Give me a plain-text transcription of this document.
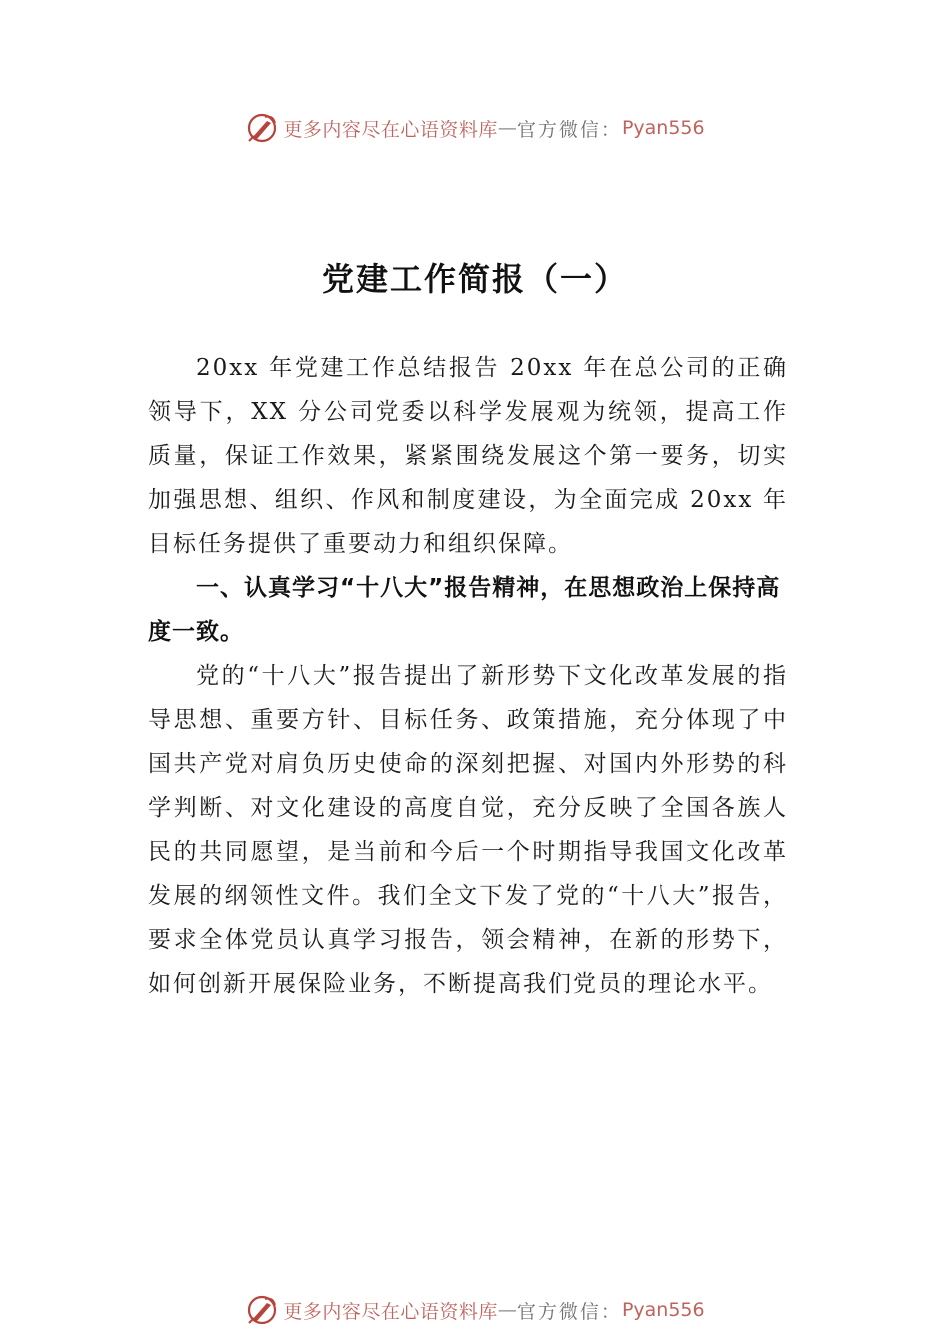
更多内容尽在心语资料库 — 官方微信： Pyan556
党建工作简报（一）

20xx 年党建工作总结报告 20xx 年在总公司的正确领导下，XX 分公司党委以科学发展观为统领，提高工作质量，保证工作效果，紧紧围绕发展这个第一要务，切实加强思想、组织、作风和制度建设，为全面完成 20xx 年目标任务提供了重要动力和组织保障。

一、认真学习“十八大”报告精神，在思想政治上保持高度一致。

党的“十八大”报告提出了新形势下文化改革发展的指导思想、重要方针、目标任务、政策措施，充分体现了中国共产党对肩负历史使命的深刻把握、对国内外形势的科学判断、对文化建设的高度自觉，充分反映了全国各族人民的共同愿望，是当前和今后一个时期指导我国文化改革发展的纲领性文件。我们全文下发了党的“十八大”报告，要求全体党员认真学习报告，领会精神，在新的形势下，如何创新开展保险业务，不断提高我们党员的理论水平。

更多内容尽在心语资料库 — 官方微信： Pyan556
